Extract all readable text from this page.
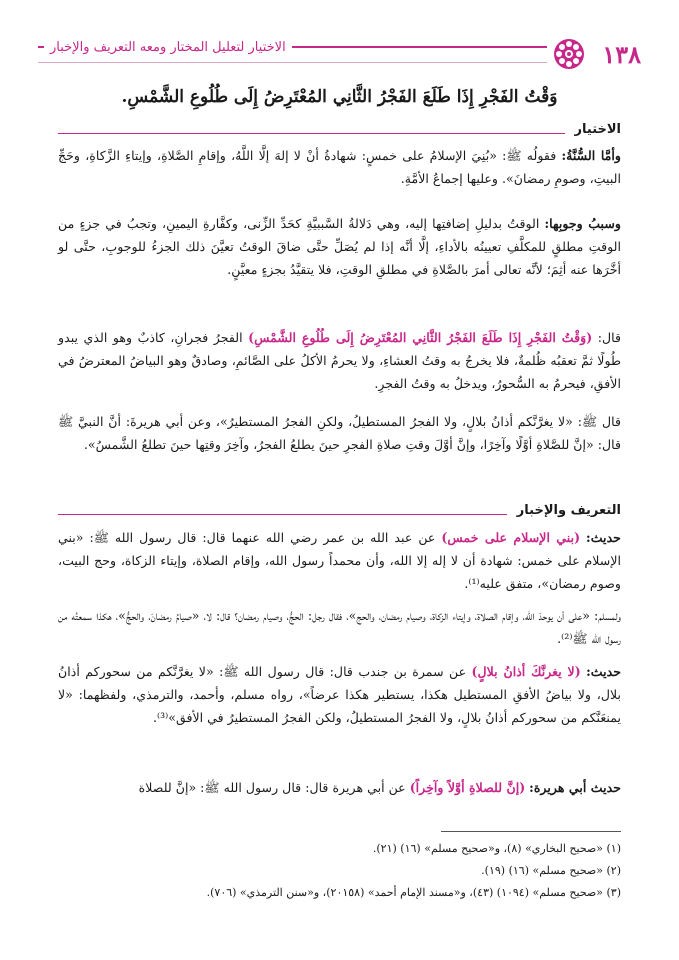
١٣٨
الاختيار لتعليل المختار ومعه التعريف والإخبار
وَقْتُ الفَجْرِ إِذَا طَلَعَ الفَجْرُ الثَّانِي المُعْتَرِضُ إِلَى طُلُوعِ الشَّمْسِ.
الاختيار
وأمَّا السُّنَّةُ: فقولُه ﷺ: «بُنِيَ الإسلامُ على خمسٍ: شهادةُ أنْ لا إلهَ إلَّا اللَّهُ، وإقامِ الصَّلاةِ، وإيتاءِ الزَّكاةِ، وحَجِّ البيتِ، وصومِ رمضانَ». وعليها إجماعُ الأمَّةِ.
وسببُ وجوبِها: الوقتُ بدليلِ إضافتِها إليه، وهي دَلالةُ السَّببيَّةِ كحَدِّ الزِّنى، وكفَّارةِ اليمينِ، وتجبُ في جزءٍ من الوقتِ مطلقٍ للمكلَّفِ تعيينُه بالأداءِ، إلَّا أنَّه إذا لم يُصَلِّ حتَّى ضاقَ الوقتُ تعيَّنَ ذلك الجزءُ للوجوبِ، حتَّى لو أخَّرَها عنه أثِمَ؛ لأنَّه تعالى أمرَ بالصَّلاةِ في مطلقِ الوقتِ، فلا يتقيَّدُ بجزءٍ معيَّنٍ.
قال: (وَقْتُ الفَجْرِ إِذَا طَلَعَ الفَجْرُ الثَّانِي المُعْتَرِضُ إِلَى طُلُوعِ الشَّمْسِ) الفجرُ فجرانِ، كاذبٌ وهو الذي يبدو طُولًا ثمَّ تعقبُه ظُلمةٌ، فلا يخرجُ به وقتُ العشاءِ، ولا يحرمُ الأكلُ على الصَّائمِ، وصادقٌ وهو البياضُ المعترضُ في الأفقِ، فيحرمُ به السُّحورُ، ويدخلُ به وقتُ الفجرِ.
قال ﷺ: «لا يغرَّنَّكم أذانُ بلالٍ، ولا الفجرُ المستطيلُ، ولكنِ الفجرُ المستطيرُ»، وعن أبي هريرةَ: أنَّ النبيَّ ﷺ قال: «إنَّ للصَّلاةِ أوَّلًا وآخِرًا، وإنَّ أوَّلَ وقتِ صلاةِ الفجرِ حينَ يطلعُ الفجرُ، وآخِرَ وقتِها حينَ تطلعُ الشَّمسُ».
التعريف والإخبار
حديث: (بني الإسلام على خمس) عن عبد الله بن عمر رضي الله عنهما قال: قال رسول الله ﷺ: «بني الإسلام على خمس: شهادة أن لا إله إلا الله، وأن محمداً رسول الله، وإقام الصلاة، وإيتاء الزكاة، وحج البيت، وصوم رمضان»، متفق عليه⁽¹⁾.
ولمسلم: «على أن يوحدَ الله، وإقام الصلاة، وإيتاء الزكاة، وصيام رمضان، والحج»، فقال رجل: الحجُّ، وصيام رمضان؟ قال: لا، «صيامُ رمضانَ، والحجُّ»، هكذا سمعتُه من رسول الله ﷺ⁽²⁾.
حديث: (لا يغرنَّكَ أذانُ بلالٍ) عن سمرة بن جندب قال: قال رسول الله ﷺ: «لا يغرَّنَّكم من سحوركم أذانُ بلال، ولا بياضُ الأفقِ المستطيل هكذا، يستطير هكذا عرضاً»، رواه مسلم، وأحمد، والترمذي، ولفظهما: «لا يمنعَنَّكم من سحوركم أذانُ بلالٍ، ولا الفجرُ المستطيلُ، ولكن الفجرُ المستطيرُ في الأفق»⁽³⁾.
حديث أبي هريرة: (إنَّ للصلاةِ أوَّلاً وآخِراً) عن أبي هريرة قال: قال رسول الله ﷺ: «إنَّ للصلاة
(١) «صحيح البخاري» (٨)، و«صحيح مسلم» (١٦) (٢١).
(٢) «صحيح مسلم» (١٦) (١٩).
(٣) «صحيح مسلم» (١٠٩٤) (٤٣)، و«مسند الإمام أحمد» (٢٠١٥٨)، و«سنن الترمذي» (٧٠٦).
